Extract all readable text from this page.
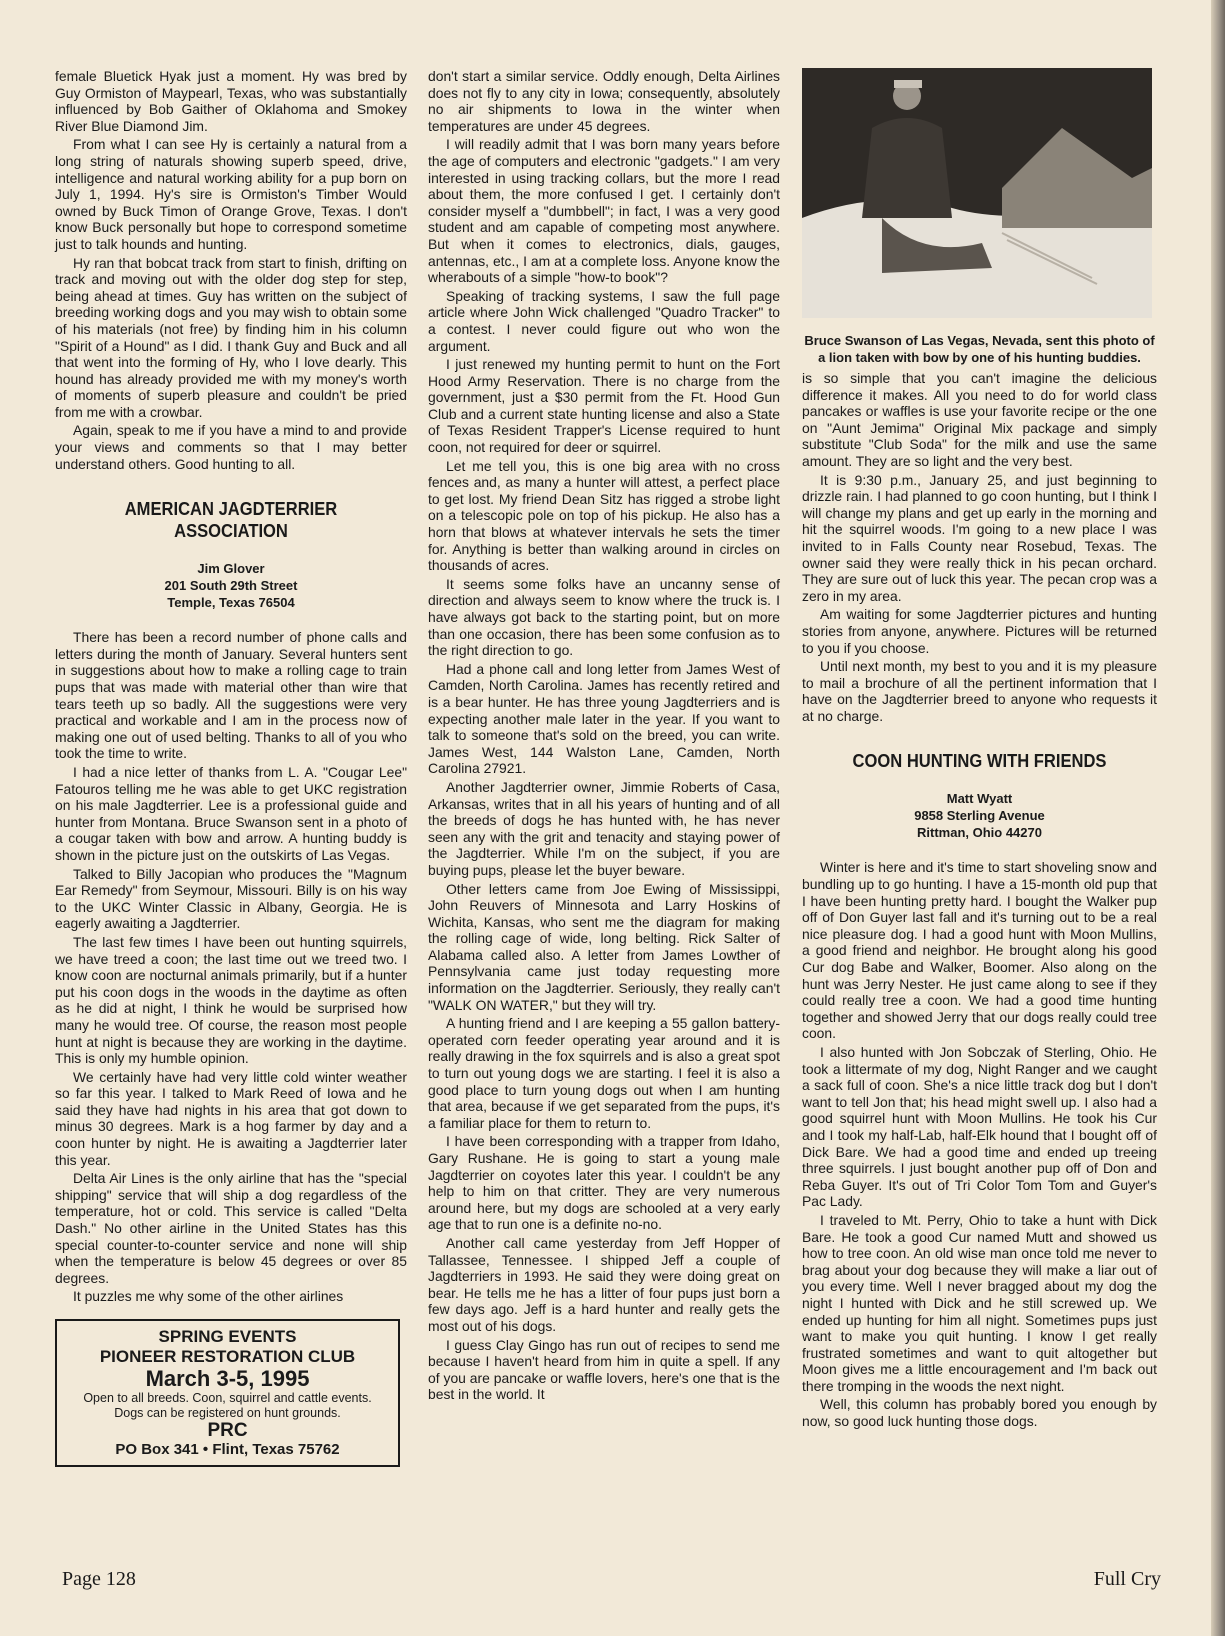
female Bluetick Hyak just a moment. Hy was bred by Guy Ormiston of Maypearl, Texas, who was substantially influenced by Bob Gaither of Oklahoma and Smokey River Blue Diamond Jim.

From what I can see Hy is certainly a natural from a long string of naturals showing superb speed, drive, intelligence and natural working ability for a pup born on July 1, 1994. Hy's sire is Ormiston's Timber Would owned by Buck Timon of Orange Grove, Texas. I don't know Buck personally but hope to correspond sometime just to talk hounds and hunting.

Hy ran that bobcat track from start to finish, drifting on track and moving out with the older dog step for step, being ahead at times. Guy has written on the subject of breeding working dogs and you may wish to obtain some of his materials (not free) by finding him in his column "Spirit of a Hound" as I did. I thank Guy and Buck and all that went into the forming of Hy, who I love dearly. This hound has already provided me with my money's worth of moments of superb pleasure and couldn't be pried from me with a crowbar.

Again, speak to me if you have a mind to and provide your views and comments so that I may better understand others. Good hunting to all.

AMERICAN JAGDTERRIER ASSOCIATION
Jim Glover
201 South 29th Street
Temple, Texas 76504

There has been a record number of phone calls and letters during the month of January. Several hunters sent in suggestions about how to make a rolling cage to train pups that was made with material other than wire that tears teeth up so badly. All the suggestions were very practical and workable and I am in the process now of making one out of used belting. Thanks to all of you who took the time to write.

I had a nice letter of thanks from L. A. "Cougar Lee" Fatouros telling me he was able to get UKC registration on his male Jagdterrier. Lee is a professional guide and hunter from Montana. Bruce Swanson sent in a photo of a cougar taken with bow and arrow. A hunting buddy is shown in the picture just on the outskirts of Las Vegas.

Talked to Billy Jacopian who produces the "Magnum Ear Remedy" from Seymour, Missouri. Billy is on his way to the UKC Winter Classic in Albany, Georgia. He is eagerly awaiting a Jagdterrier.

The last few times I have been out hunting squirrels, we have treed a coon; the last time out we treed two. I know coon are nocturnal animals primarily, but if a hunter put his coon dogs in the woods in the daytime as often as he did at night, I think he would be surprised how many he would tree. Of course, the reason most people hunt at night is because they are working in the daytime. This is only my humble opinion.

We certainly have had very little cold winter weather so far this year. I talked to Mark Reed of Iowa and he said they have had nights in his area that got down to minus 30 degrees. Mark is a hog farmer by day and a coon hunter by night. He is awaiting a Jagdterrier later this year.

Delta Air Lines is the only airline that has the "special shipping" service that will ship a dog regardless of the temperature, hot or cold. This service is called "Delta Dash." No other airline in the United States has this special counter-to-counter service and none will ship when the temperature is below 45 degrees or over 85 degrees.

It puzzles me why some of the other airlines

SPRING EVENTS
PIONEER RESTORATION CLUB
March 3-5, 1995
Open to all breeds. Coon, squirrel and cattle events.
Dogs can be registered on hunt grounds.
PRC
PO Box 341 • Flint, Texas 75762

don't start a similar service. Oddly enough, Delta Airlines does not fly to any city in Iowa; consequently, absolutely no air shipments to Iowa in the winter when temperatures are under 45 degrees.

I will readily admit that I was born many years before the age of computers and electronic "gadgets." I am very interested in using tracking collars, but the more I read about them, the more confused I get. I certainly don't consider myself a "dumbbell"; in fact, I was a very good student and am capable of competing most anywhere. But when it comes to electronics, dials, gauges, antennas, etc., I am at a complete loss. Anyone know the wherabouts of a simple "how-to book"?

Speaking of tracking systems, I saw the full page article where John Wick challenged "Quadro Tracker" to a contest. I never could figure out who won the argument.

I just renewed my hunting permit to hunt on the Fort Hood Army Reservation. There is no charge from the government, just a $30 permit from the Ft. Hood Gun Club and a current state hunting license and also a State of Texas Resident Trapper's License required to hunt coon, not required for deer or squirrel.

Let me tell you, this is one big area with no cross fences and, as many a hunter will attest, a perfect place to get lost. My friend Dean Sitz has rigged a strobe light on a telescopic pole on top of his pickup. He also has a horn that blows at whatever intervals he sets the timer for. Anything is better than walking around in circles on thousands of acres.

It seems some folks have an uncanny sense of direction and always seem to know where the truck is. I have always got back to the starting point, but on more than one occasion, there has been some confusion as to the right direction to go.

Had a phone call and long letter from James West of Camden, North Carolina. James has recently retired and is a bear hunter. He has three young Jagdterriers and is expecting another male later in the year. If you want to talk to someone that's sold on the breed, you can write. James West, 144 Walston Lane, Camden, North Carolina 27921.

Another Jagdterrier owner, Jimmie Roberts of Casa, Arkansas, writes that in all his years of hunting and of all the breeds of dogs he has hunted with, he has never seen any with the grit and tenacity and staying power of the Jagdterrier. While I'm on the subject, if you are buying pups, please let the buyer beware.

Other letters came from Joe Ewing of Mississippi, John Reuvers of Minnesota and Larry Hoskins of Wichita, Kansas, who sent me the diagram for making the rolling cage of wide, long belting. Rick Salter of Alabama called also. A letter from James Lowther of Pennsylvania came just today requesting more information on the Jagdterrier. Seriously, they really can't "WALK ON WATER," but they will try.

A hunting friend and I are keeping a 55 gallon battery-operated corn feeder operating year around and it is really drawing in the fox squirrels and is also a great spot to turn out young dogs we are starting. I feel it is also a good place to turn young dogs out when I am hunting that area, because if we get separated from the pups, it's a familiar place for them to return to.

I have been corresponding with a trapper from Idaho, Gary Rushane. He is going to start a young male Jagdterrier on coyotes later this year. I couldn't be any help to him on that critter. They are very numerous around here, but my dogs are schooled at a very early age that to run one is a definite no-no.

Another call came yesterday from Jeff Hopper of Tallassee, Tennessee. I shipped Jeff a couple of Jagdterriers in 1993. He said they were doing great on bear. He tells me he has a litter of four pups just born a few days ago. Jeff is a hard hunter and really gets the most out of his dogs.

I guess Clay Gingo has run out of recipes to send me because I haven't heard from him in quite a spell. If any of you are pancake or waffle lovers, here's one that is the best in the world. It

Bruce Swanson of Las Vegas, Nevada, sent this photo of a lion taken with bow by one of his hunting buddies.

is so simple that you can't imagine the delicious difference it makes. All you need to do for world class pancakes or waffles is use your favorite recipe or the one on "Aunt Jemima" Original Mix package and simply substitute "Club Soda" for the milk and use the same amount. They are so light and the very best.

It is 9:30 p.m., January 25, and just beginning to drizzle rain. I had planned to go coon hunting, but I think I will change my plans and get up early in the morning and hit the squirrel woods. I'm going to a new place I was invited to in Falls County near Rosebud, Texas. The owner said they were really thick in his pecan orchard. They are sure out of luck this year. The pecan crop was a zero in my area.

Am waiting for some Jagdterrier pictures and hunting stories from anyone, anywhere. Pictures will be returned to you if you choose.

Until next month, my best to you and it is my pleasure to mail a brochure of all the pertinent information that I have on the Jagdterrier breed to anyone who requests it at no charge.

COON HUNTING WITH FRIENDS
Matt Wyatt
9858 Sterling Avenue
Rittman, Ohio 44270

Winter is here and it's time to start shoveling snow and bundling up to go hunting. I have a 15-month old pup that I have been hunting pretty hard. I bought the Walker pup off of Don Guyer last fall and it's turning out to be a real nice pleasure dog. I had a good hunt with Moon Mullins, a good friend and neighbor. He brought along his good Cur dog Babe and Walker, Boomer. Also along on the hunt was Jerry Nester. He just came along to see if they could really tree a coon. We had a good time hunting together and showed Jerry that our dogs really could tree coon.

I also hunted with Jon Sobczak of Sterling, Ohio. He took a littermate of my dog, Night Ranger and we caught a sack full of coon. She's a nice little track dog but I don't want to tell Jon that; his head might swell up. I also had a good squirrel hunt with Moon Mullins. He took his Cur and I took my half-Lab, half-Elk hound that I bought off of Dick Bare. We had a good time and ended up treeing three squirrels. I just bought another pup off of Don and Reba Guyer. It's out of Tri Color Tom Tom and Guyer's Pac Lady.

I traveled to Mt. Perry, Ohio to take a hunt with Dick Bare. He took a good Cur named Mutt and showed us how to tree coon. An old wise man once told me never to brag about your dog because they will make a liar out of you every time. Well I never bragged about my dog the night I hunted with Dick and he still screwed up. We ended up hunting for him all night. Sometimes pups just want to make you quit hunting. I know I get really frustrated sometimes and want to quit altogether but Moon gives me a little encouragement and I'm back out there tromping in the woods the next night.

Well, this column has probably bored you enough by now, so good luck hunting those dogs.

Page 128	Full Cry
